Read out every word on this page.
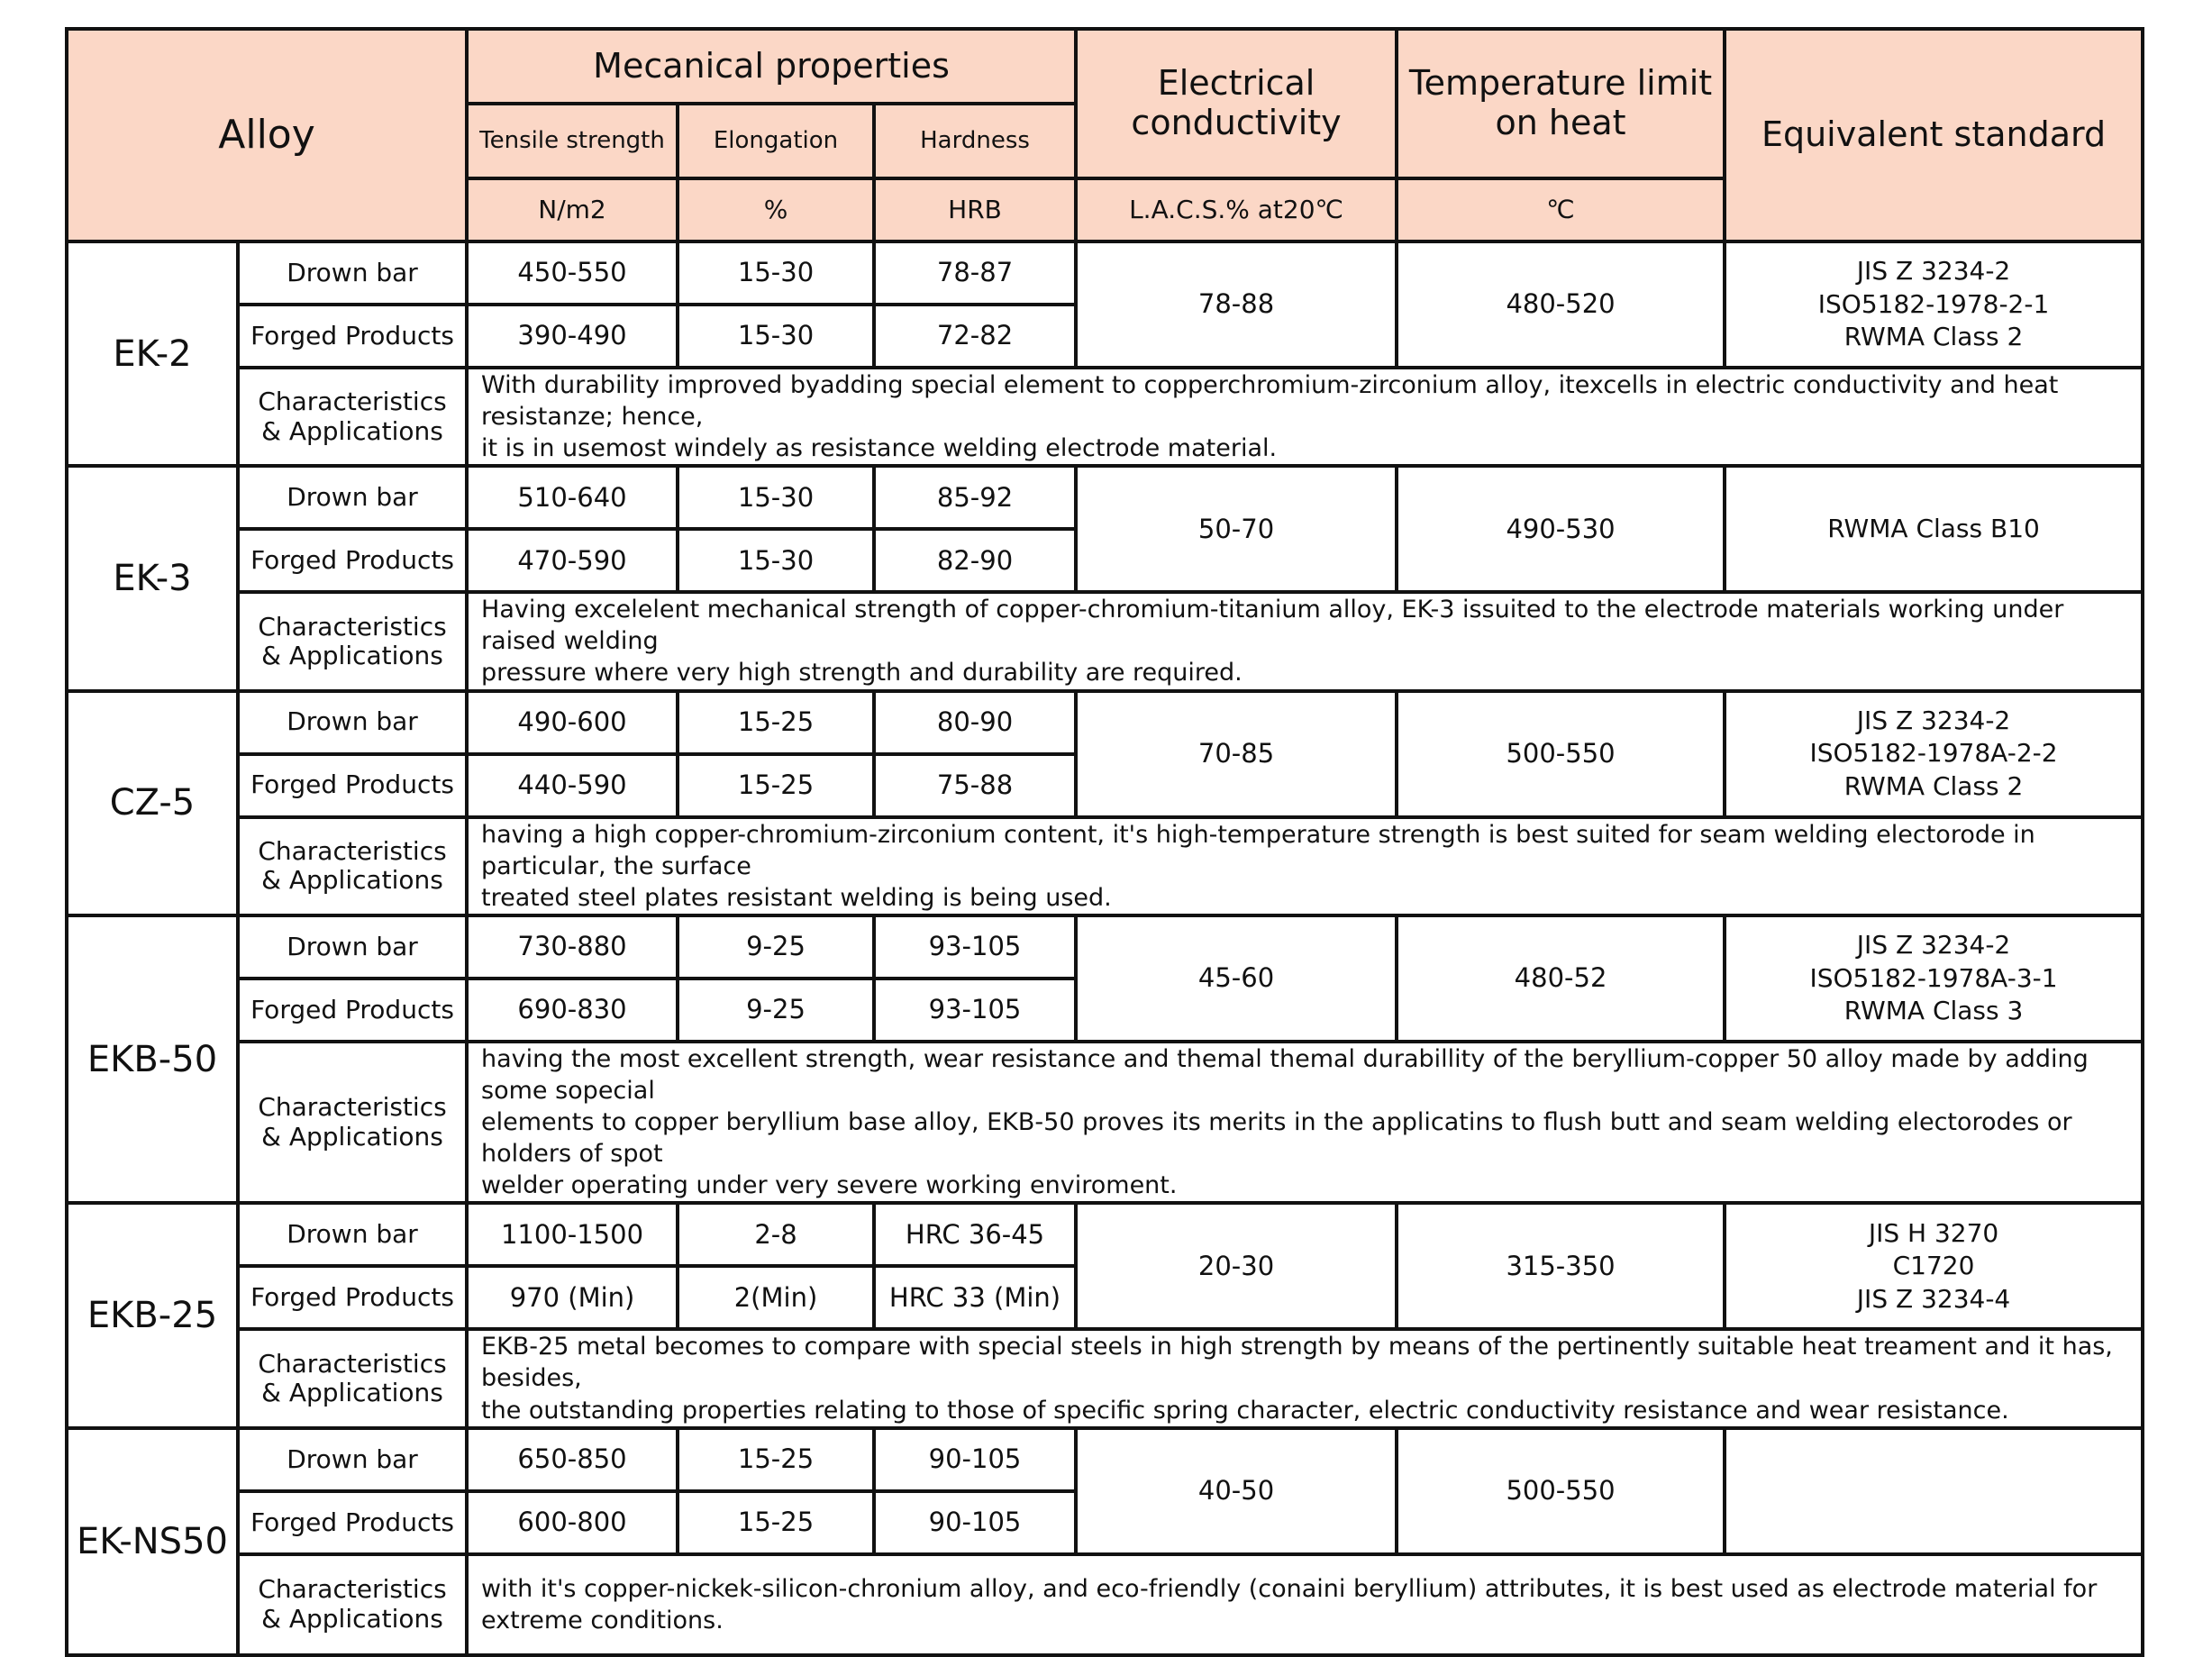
Alloy		Mecanical properties			Electrical conductivity	Temperature limit on heat	Equivalent standard
		Tensile strength	Elongation	Hardness			
		N/m2	%	HRB	L.A.C.S.% at20℃	℃	
EK-2	Drown bar	450-550	15-30	78-87	78-88	480-520	JIS Z 3234-2
ISO5182-1978-2-1
RWMA Class 2

	Forged Products	390-490	15-30	72-82			

	Characteristics
& Applications	With durability improved byadding special element to copperchromium-zirconium alloy, itexcells in electric conductivity and heat resistanze; hence,
it is in usemost windely as resistance welding electrode material.					

EK-3	Drown bar	510-640	15-30	85-92	50-70	490-530	RWMA Class B10

	Forged Products	470-590	15-30	82-90			

	Characteristics
& Applications	Having excelelent mechanical strength of copper-chromium-titanium alloy, EK-3 issuited to the electrode materials working under raised welding
pressure where very high strength and durability are required.					

CZ-5	Drown bar	490-600	15-25	80-90	70-85	500-550	JIS Z 3234-2
ISO5182-1978A-2-2
RWMA Class 2

	Forged Products	440-590	15-25	75-88			

	Characteristics
& Applications	having a high copper-chromium-zirconium content, it's high-temperature strength is best suited for seam welding electorode in particular, the surface
treated steel plates resistant welding is being used.					

EKB-50	Drown bar	730-880	9-25	93-105	45-60	480-52	JIS Z 3234-2
ISO5182-1978A-3-1
RWMA Class 3

	Forged Products	690-830	9-25	93-105			

	Characteristics
& Applications	having the most excellent strength, wear resistance and themal themal durabillity of the beryllium-copper 50 alloy made by adding some sopecial
elements to copper beryllium base alloy, EKB-50 proves its merits in the applicatins to flush butt and seam welding electorodes or holders of spot
welder operating under very severe working enviroment.					

EKB-25	Drown bar	1100-1500	2-8	HRC 36-45	20-30	315-350	JIS H 3270
C1720
JIS Z 3234-4

	Forged Products	970 (Min)	2(Min)	HRC 33 (Min)			

	Characteristics
& Applications	EKB-25 metal becomes to compare with special steels in high strength by means of the pertinently suitable heat treament and it has, besides,
the outstanding properties relating to those of specific spring character, electric conductivity resistance and wear resistance.					

EK-NS50	Drown bar	650-850	15-25	90-105	40-50	500-550	
	Forged Products	600-800	15-25	90-105			

	Characteristics
& Applications	with it's copper-nickek-silicon-chronium alloy, and eco-friendly (conaini beryllium) attributes, it is best used as electrode material for extreme conditions.					
